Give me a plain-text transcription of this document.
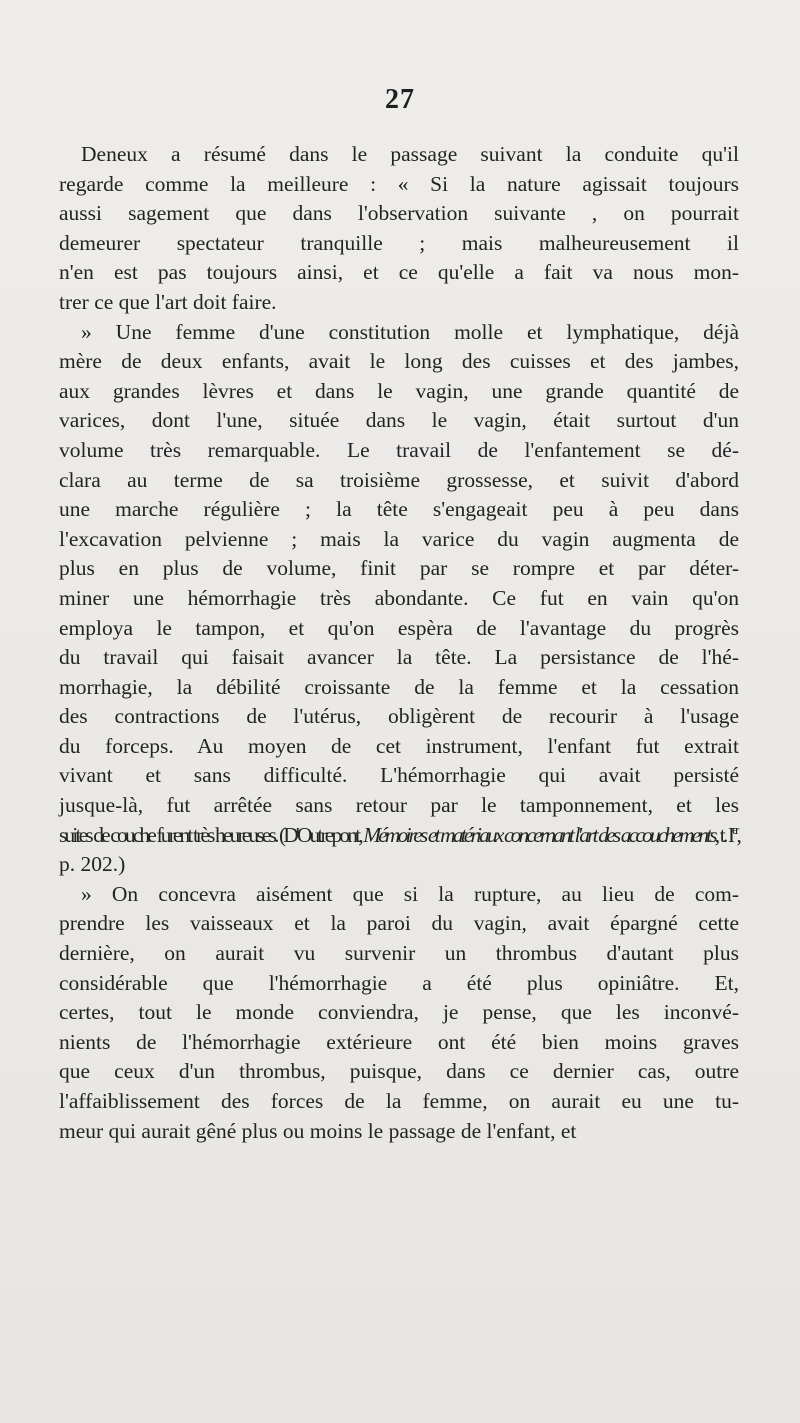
27
Deneux a résumé dans le passage suivant la conduite qu'il
regarde comme la meilleure : « Si la nature agissait toujours
aussi sagement que dans l'observation suivante , on pourrait
demeurer spectateur tranquille ; mais malheureusement il
n'en est pas toujours ainsi, et ce qu'elle a fait va nous mon-
trer ce que l'art doit faire.
» Une femme d'une constitution molle et lymphatique, déjà
mère de deux enfants, avait le long des cuisses et des jambes,
aux grandes lèvres et dans le vagin, une grande quantité de
varices, dont l'une, située dans le vagin, était surtout d'un
volume très remarquable. Le travail de l'enfantement se dé-
clara au terme de sa troisième grossesse, et suivit d'abord
une marche régulière ; la tête s'engageait peu à peu dans
l'excavation pelvienne ; mais la varice du vagin augmenta de
plus en plus de volume, finit par se rompre et par déter-
miner une hémorrhagie très abondante. Ce fut en vain qu'on
employa le tampon, et qu'on espèra de l'avantage du progrès
du travail qui faisait avancer la tête. La persistance de l'hé-
morrhagie, la débilité croissante de la femme et la cessation
des contractions de l'utérus, obligèrent de recourir à l'usage
du forceps. Au moyen de cet instrument, l'enfant fut extrait
vivant et sans difficulté. L'hémorrhagie qui avait persisté
jusque-là, fut arrêtée sans retour par le tamponnement, et les
suites de couche furent très heureuses. (D'Outrepont, Mémoires et matériaux concernant l'art des accouchements, t. Ier,
p. 202.)
» On concevra aisément que si la rupture, au lieu de com-
prendre les vaisseaux et la paroi du vagin, avait épargné cette
dernière, on aurait vu survenir un thrombus d'autant plus
considérable que l'hémorrhagie a été plus opiniâtre. Et,
certes, tout le monde conviendra, je pense, que les inconvé-
nients de l'hémorrhagie extérieure ont été bien moins graves
que ceux d'un thrombus, puisque, dans ce dernier cas, outre
l'affaiblissement des forces de la femme, on aurait eu une tu-
meur qui aurait gêné plus ou moins le passage de l'enfant, et
